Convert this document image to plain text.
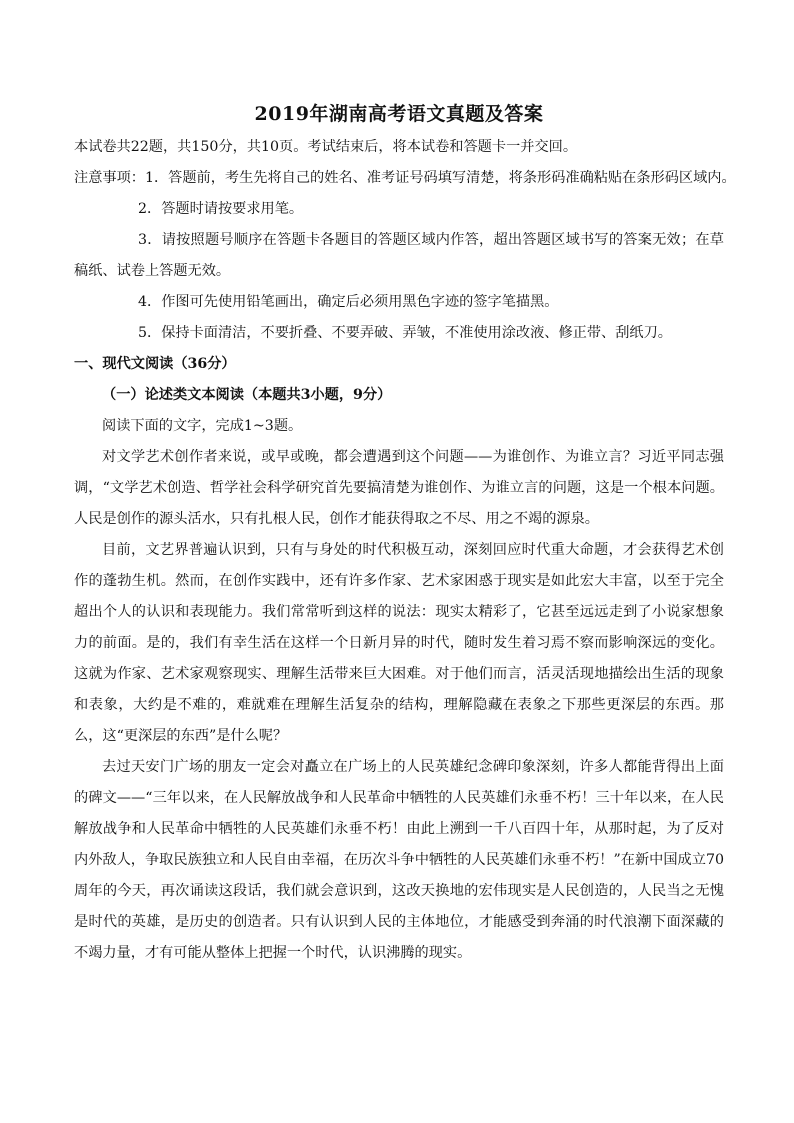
2019年湖南高考语文真题及答案

本试卷共22题，共150分，共10页。考试结束后，将本试卷和答题卡一并交回。

注意事项：1．答题前，考生先将自己的姓名、准考证号码填写清楚，将条形码准确粘贴在条形码区域内。

2．答题时请按要求用笔。

3．请按照题号顺序在答题卡各题目的答题区域内作答，超出答题区域书写的答案无效；在草稿纸、试卷上答题无效。

4．作图可先使用铅笔画出，确定后必须用黑色字迹的签字笔描黑。

5．保持卡面清洁，不要折叠、不要弄破、弄皱，不准使用涂改液、修正带、刮纸刀。

一、现代文阅读（36分）

（一）论述类文本阅读（本题共3小题，9分）

阅读下面的文字，完成1~3题。

对文学艺术创作者来说，或早或晚，都会遭遇到这个问题——为谁创作、为谁立言？习近平同志强调，“文学艺术创造、哲学社会科学研究首先要搞清楚为谁创作、为谁立言的问题，这是一个根本问题。人民是创作的源头活水，只有扎根人民，创作才能获得取之不尽、用之不竭的源泉。

目前，文艺界普遍认识到，只有与身处的时代积极互动，深刻回应时代重大命题，才会获得艺术创作的蓬勃生机。然而，在创作实践中，还有许多作家、艺术家困惑于现实是如此宏大丰富，以至于完全超出个人的认识和表现能力。我们常常听到这样的说法：现实太精彩了，它甚至远远走到了小说家想象力的前面。是的，我们有幸生活在这样一个日新月异的时代，随时发生着习焉不察而影响深远的变化。这就为作家、艺术家观察现实、理解生活带来巨大困难。对于他们而言，活灵活现地描绘出生活的现象和表象，大约是不难的，难就难在理解生活复杂的结构，理解隐藏在表象之下那些更深层的东西。那么，这“更深层的东西”是什么呢？

去过天安门广场的朋友一定会对矗立在广场上的人民英雄纪念碑印象深刻，许多人都能背得出上面的碑文——“三年以来，在人民解放战争和人民革命中牺牲的人民英雄们永垂不朽！三十年以来，在人民解放战争和人民革命中牺牲的人民英雄们永垂不朽！由此上溯到一千八百四十年，从那时起，为了反对内外敌人，争取民族独立和人民自由幸福，在历次斗争中牺牲的人民英雄们永垂不朽！”在新中国成立70周年的今天，再次诵读这段话，我们就会意识到，这改天换地的宏伟现实是人民创造的，人民当之无愧是时代的英雄，是历史的创造者。只有认识到人民的主体地位，才能感受到奔涌的时代浪潮下面深藏的不竭力量，才有可能从整体上把握一个时代，认识沸腾的现实。
